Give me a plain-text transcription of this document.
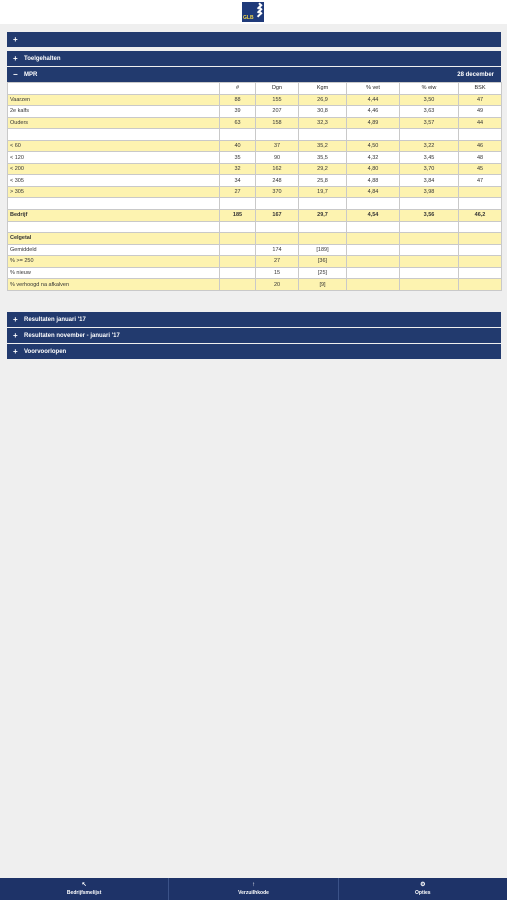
GLB
+
+	Toelgehalten
−	MPR	28 december
	#	Dgn	Kgm	% vet	% eiw	BSK
Vaarzen	88	155	26,9	4,44	3,50	47
2e kalfs	39	207	30,8	4,46	3,63	49
Ouders	63	158	32,3	4,89	3,57	44

< 60	40	37	35,2	4,50	3,22	46
< 120	35	90	35,5	4,32	3,45	48
< 200	32	162	29,2	4,80	3,70	45
< 305	34	248	25,8	4,88	3,84	47
> 305	27	370	19,7	4,84	3,98	

Bedrijf	185	167	29,7	4,54	3,56	46,2

Celgetal						
Gemiddeld		174	[189]			
% >= 250		27	[36]			
% nieuw		15	[25]			
% verhoogd na afkalven		20	[9]			
+	Resultaten januari '17
+	Resultaten november - januari '17
+	Voorvoorlopen
↖
Bedrijfsmelijst
↑
Verzuilhkode
⚙
Opties
